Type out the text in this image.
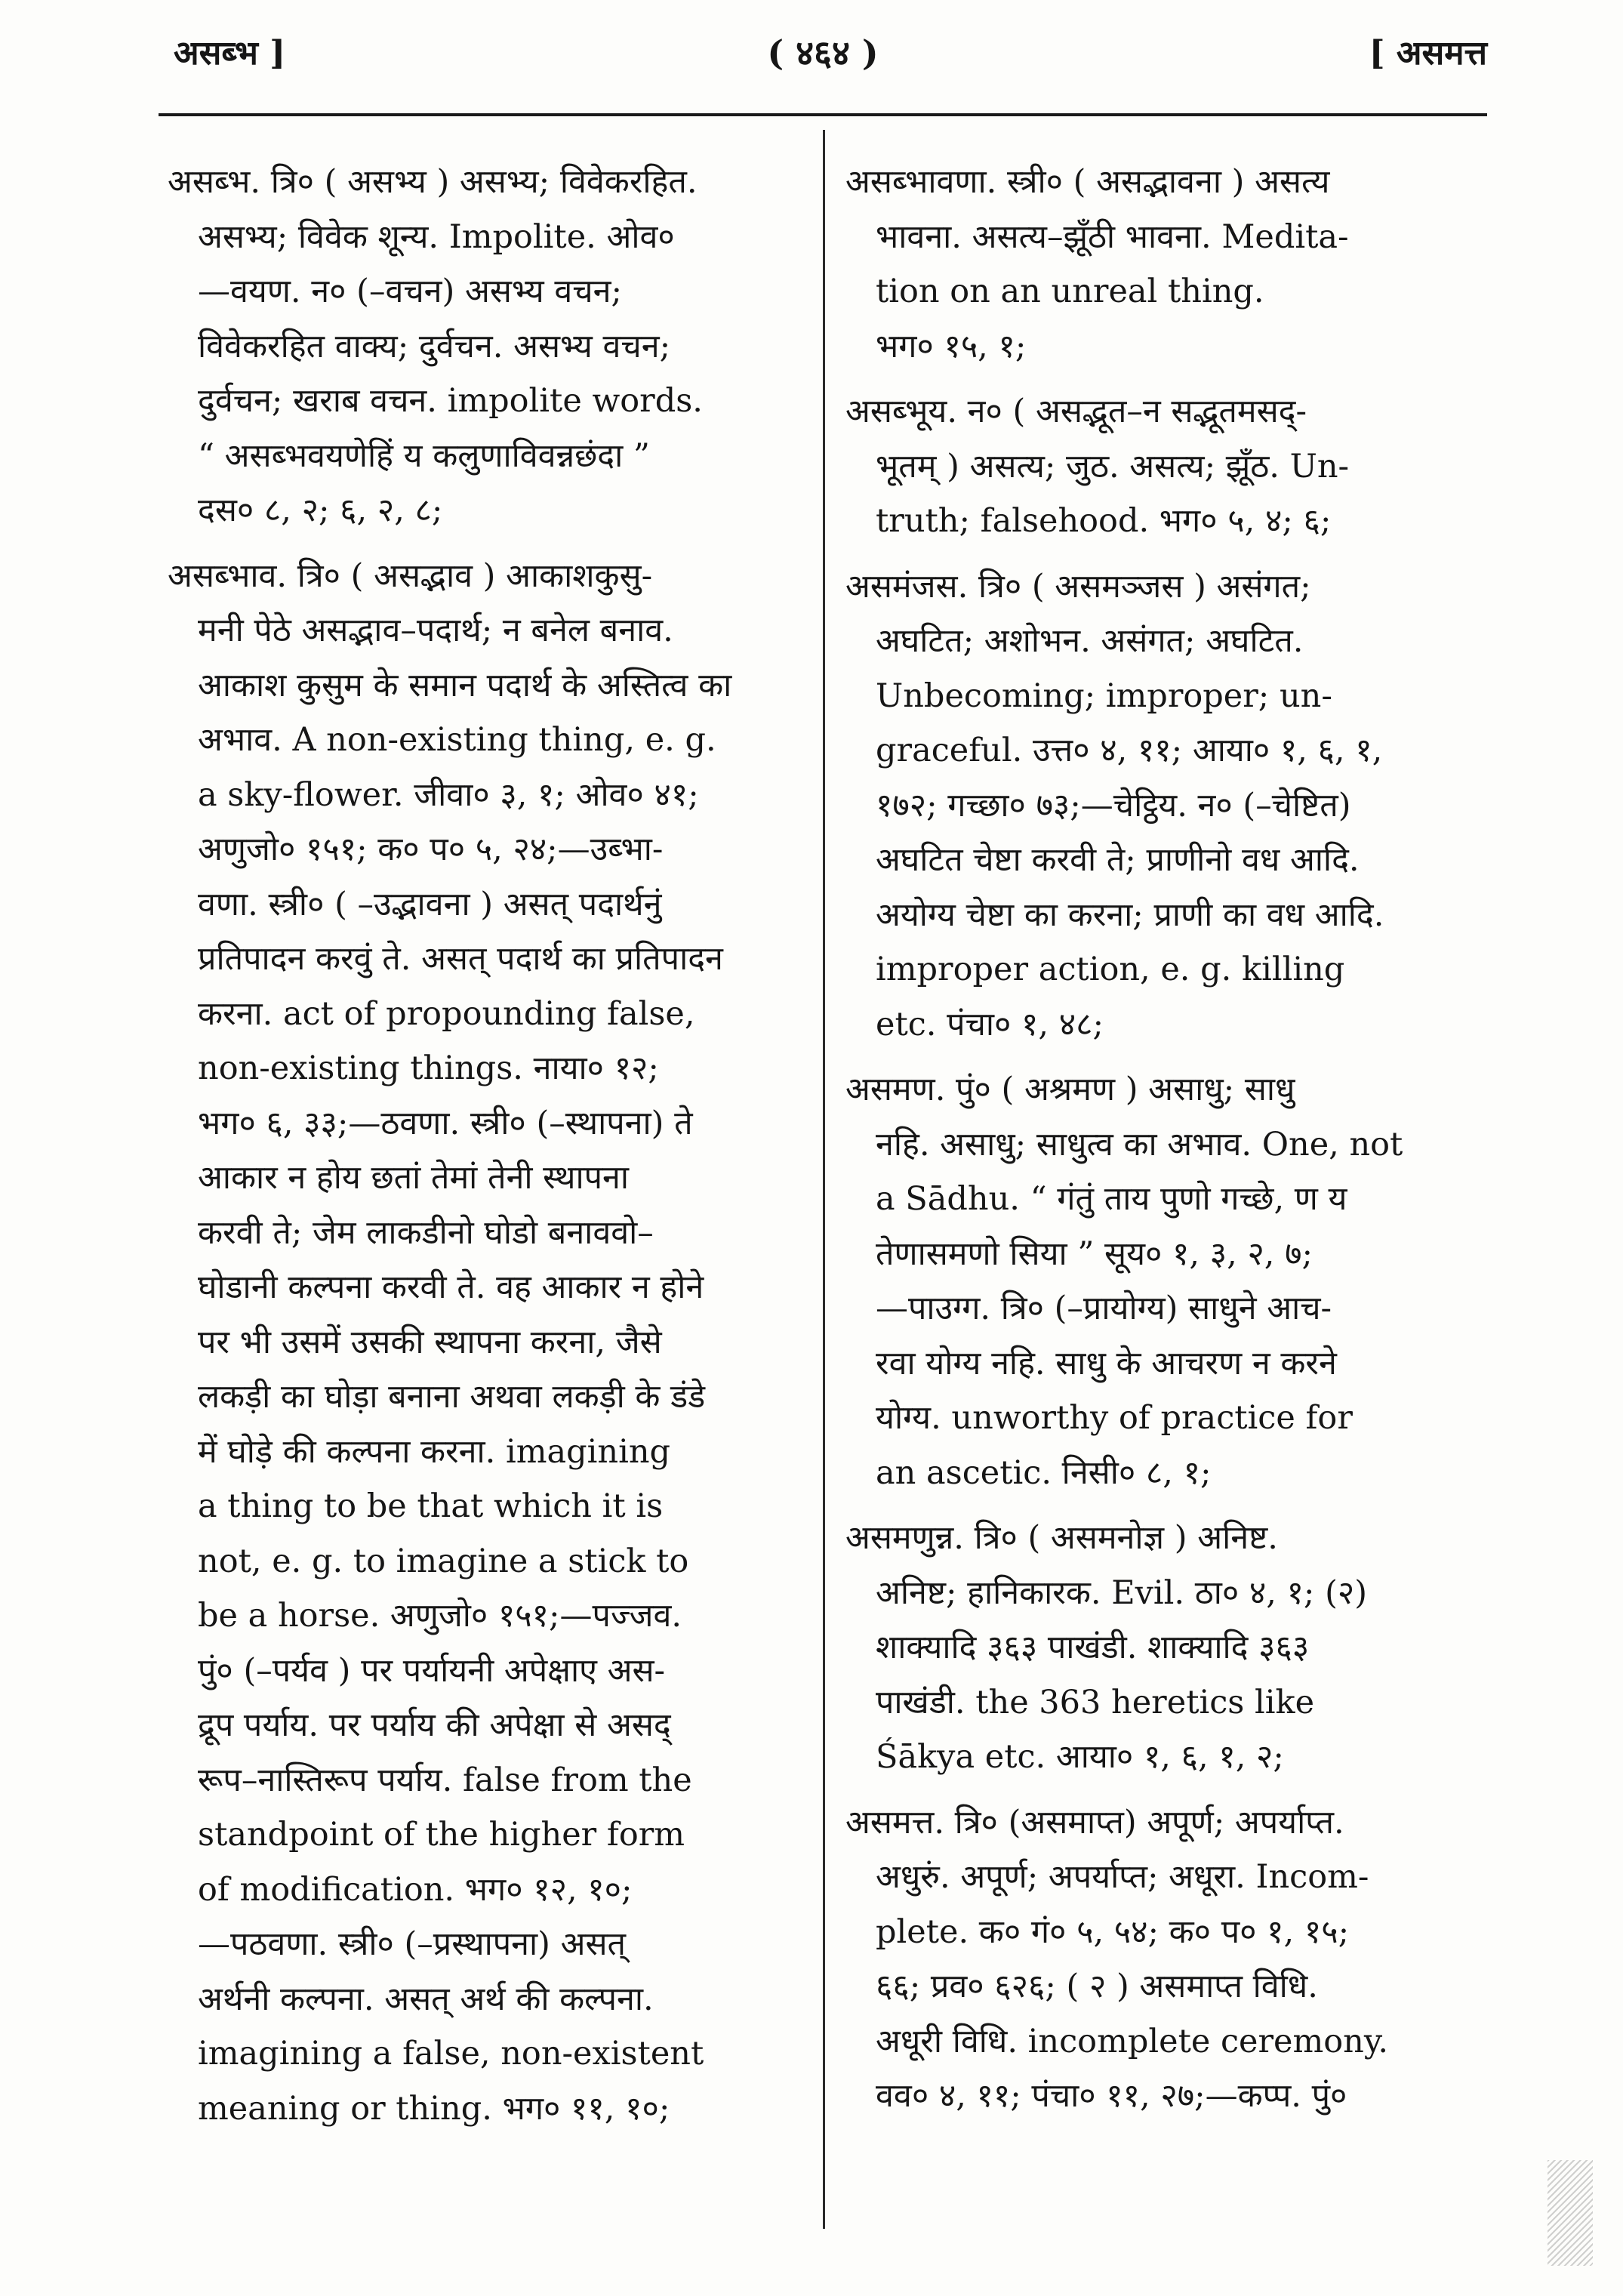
असब्भ ]	( ४६४ )	[ असमत्त
असब्भ. त्रि० ( असभ्य ) असभ्य; विवेकरहित.
असभ्य; विवेक शून्य. Impolite. ओव०
—वयण. न० (–वचन) असभ्य वचन;
विवेकरहित वाक्य; दुर्वचन. असभ्य वचन;
दुर्वचन; खराब वचन. impolite words.
“ असब्भवयणेहिं य कलुणाविवन्नछंदा ”
दस० ८, २; ६, २, ८;
असब्भाव. त्रि० ( असद्भाव ) आकाशकुसु-
मनी पेठे असद्भाव–पदार्थ; न बनेल बनाव.
आकाश कुसुम के समान पदार्थ के अस्तित्व का
अभाव. A non-existing thing, e. g.
a sky-flower. जीवा० ३, १; ओव० ४१;
अणुजो० १५१; क० प० ५, २४;—उब्भा-
वणा. स्त्री० ( –उद्भावना ) असत् पदार्थनुं
प्रतिपादन करवुं ते. असत् पदार्थ का प्रतिपादन
करना. act of propounding false,
non-existing things. नाया० १२;
भग० ६, ३३;—ठवणा. स्त्री० (–स्थापना) ते
आकार न होय छतां तेमां तेनी स्थापना
करवी ते; जेम लाकडीनो घोडो बनाववो–
घोडानी कल्पना करवी ते. वह आकार न होने
पर भी उसमें उसकी स्थापना करना, जैसे
लकड़ी का घोड़ा बनाना अथवा लकड़ी के डंडे
में घोड़े की कल्पना करना. imagining
a thing to be that which it is
not, e. g. to imagine a stick to
be a horse. अणुजो० १५१;—पज्जव.
पुं० (–पर्यव ) पर पर्यायनी अपेक्षाए अस-
द्रूप पर्याय. पर पर्याय की अपेक्षा से असद्
रूप–नास्तिरूप पर्याय. false from the
standpoint of the higher form
of modification. भग० १२, १०;
—पठवणा. स्त्री० (–प्रस्थापना) असत्
अर्थनी कल्पना. असत् अर्थ की कल्पना.
imagining a false, non-existent
meaning or thing. भग० ११, १०;
असब्भावणा. स्त्री० ( असद्भावना ) असत्य
भावना. असत्य–झूँठी भावना. Medita-
tion on an unreal thing.
भग० १५, १;
असब्भूय. न० ( असद्भूत–न सद्भूतमसद्-
भूतम् ) असत्य; जुठ. असत्य; झूँठ. Un-
truth; falsehood. भग० ५, ४; ६;
असमंजस. त्रि० ( असमञ्जस ) असंगत;
अघटित; अशोभन. असंगत; अघटित.
Unbecoming; improper; un-
graceful. उत्त० ४, ११; आया० १, ६, १,
१७२; गच्छा० ७३;—चेट्ठिय. न० (–चेष्टित)
अघटित चेष्टा करवी ते; प्राणीनो वध आदि.
अयोग्य चेष्टा का करना; प्राणी का वध आदि.
improper action, e. g. killing
etc. पंचा० १, ४८;
असमण. पुं० ( अश्रमण ) असाधु; साधु
नहि. असाधु; साधुत्व का अभाव. One, not
a Sādhu. “ गंतुं ताय पुणो गच्छे, ण य
तेणासमणो सिया ” सूय० १, ३, २, ७;
—पाउग्ग. त्रि० (–प्रायोग्य) साधुने आच-
रवा योग्य नहि. साधु के आचरण न करने
योग्य. unworthy of practice for
an ascetic. निसी० ८, १;
असमणुन्न. त्रि० ( असमनोज्ञ ) अनिष्ट.
अनिष्ट; हानिकारक. Evil. ठा० ४, १; (२)
शाक्यादि ३६३ पाखंडी. शाक्यादि ३६३
पाखंडी. the 363 heretics like
Śākya etc. आया० १, ६, १, २;
असमत्त. त्रि० (असमाप्त) अपूर्ण; अपर्याप्त.
अधुरुं. अपूर्ण; अपर्याप्त; अधूरा. Incom-
plete. क० गं० ५, ५४; क० प० १, १५;
६६; प्रव० ६२६; ( २ ) असमाप्त विधि.
अधूरी विधि. incomplete ceremony.
वव० ४, ११; पंचा० ११, २७;—कप्प. पुं०
